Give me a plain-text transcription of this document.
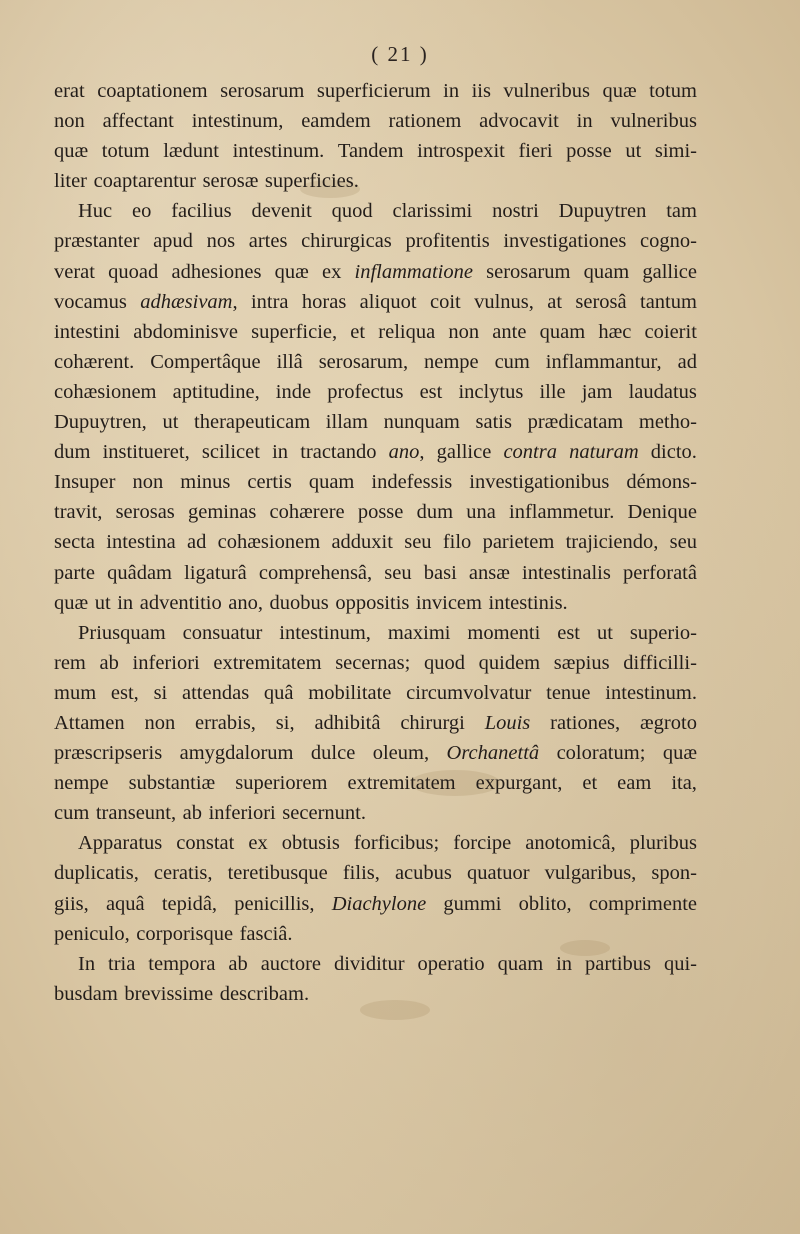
( 21 )
erat coaptationem serosarum superficierum in iis vulneribus quæ totum
non affectant intestinum, eamdem rationem advocavit in vulneribus
quæ totum lædunt intestinum. Tandem introspexit fieri posse ut simi-
liter coaptarentur serosæ superficies.
Huc eo facilius devenit quod clarissimi nostri Dupuytren tam
præstanter apud nos artes chirurgicas profitentis investigationes cogno-
verat quoad adhesiones quæ ex inflammatione serosarum quam gallice
vocamus adhæsivam, intra horas aliquot coit vulnus, at serosâ tantum
intestini abdominisve superficie, et reliqua non ante quam hæc coierit
cohærent. Compertâque illâ serosarum, nempe cum inflammantur, ad
cohæsionem aptitudine, inde profectus est inclytus ille jam laudatus
Dupuytren, ut therapeuticam illam nunquam satis prædicatam metho-
dum institueret, scilicet in tractando ano, gallice contra naturam dicto.
Insuper non minus certis quam indefessis investigationibus démons-
travit, serosas geminas cohærere posse dum una inflammetur. Denique
secta intestina ad cohæsionem adduxit seu filo parietem trajiciendo, seu
parte quâdam ligaturâ comprehensâ, seu basi ansæ intestinalis perforatâ
quæ ut in adventitio ano, duobus oppositis invicem intestinis.
Priusquam consuatur intestinum, maximi momenti est ut superio-
rem ab inferiori extremitatem secernas; quod quidem sæpius difficilli-
mum est, si attendas quâ mobilitate circumvolvatur tenue intestinum.
Attamen non errabis, si, adhibitâ chirurgi Louis rationes, ægroto
præscripseris amygdalorum dulce oleum, Orchanettâ coloratum; quæ
nempe substantiæ superiorem extremitatem expurgant, et eam ita,
cum transeunt, ab inferiori secernunt.
Apparatus constat ex obtusis forficibus; forcipe anotomicâ, pluribus
duplicatis, ceratis, teretibusque filis, acubus quatuor vulgaribus, spon-
giis, aquâ tepidâ, penicillis, Diachylone gummi oblito, comprimente
peniculo, corporisque fasciâ.
In tria tempora ab auctore dividitur operatio quam in partibus qui-
busdam brevissime describam.
